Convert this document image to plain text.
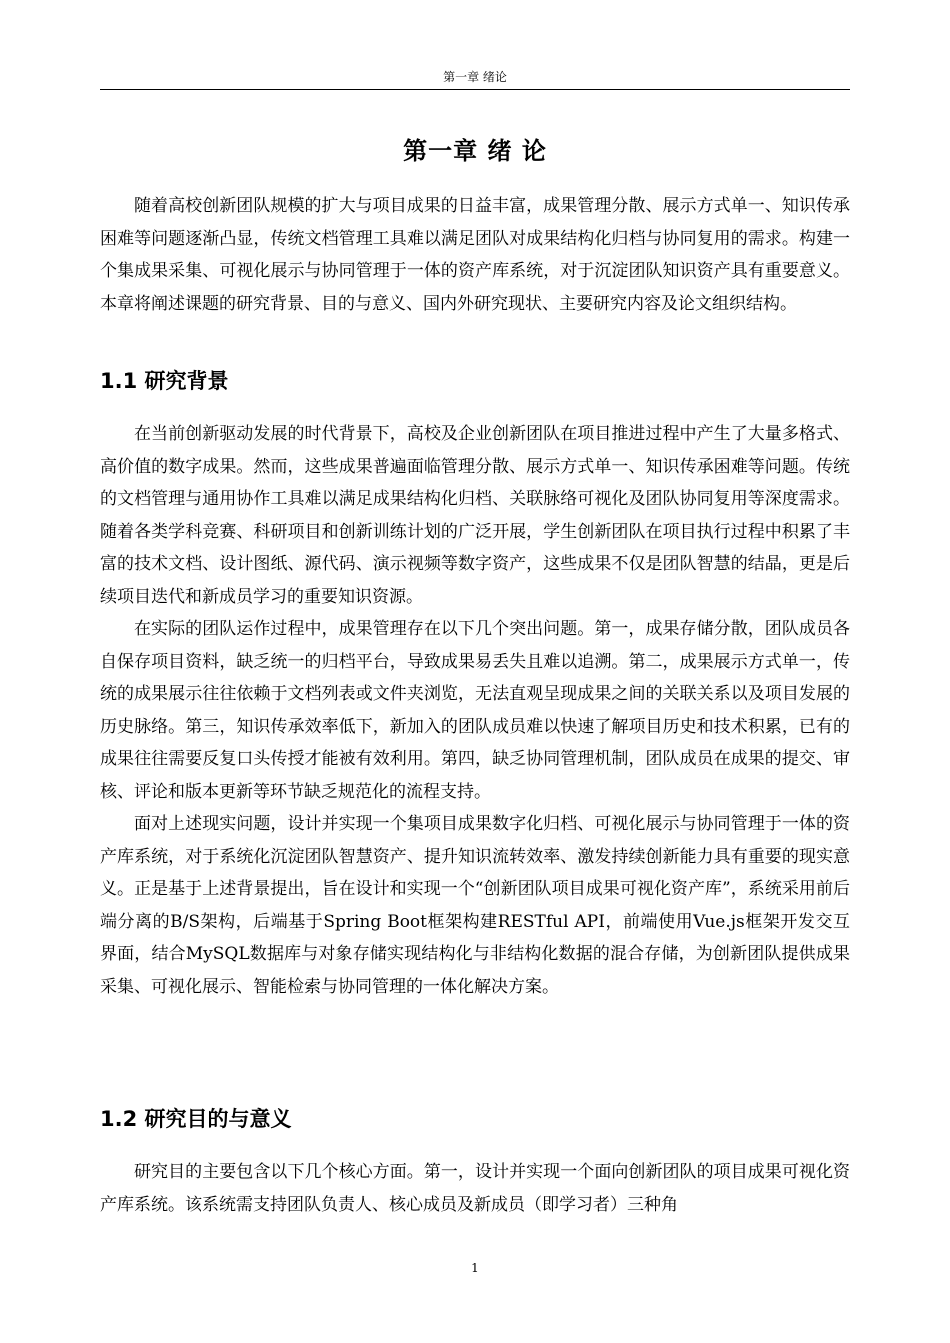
第一章 绪论
第一章 绪 论

随着高校创新团队规模的扩大与项目成果的日益丰富，成果管理分散、展示方式单一、知识传承困难等问题逐渐凸显，传统文档管理工具难以满足团队对成果结构化归档与协同复用的需求。构建一个集成果采集、可视化展示与协同管理于一体的资产库系统，对于沉淀团队知识资产具有重要意义。本章将阐述课题的研究背景、目的与意义、国内外研究现状、主要研究内容及论文组织结构。

1.1 研究背景

在当前创新驱动发展的时代背景下，高校及企业创新团队在项目推进过程中产生了大量多格式、高价值的数字成果。然而，这些成果普遍面临管理分散、展示方式单一、知识传承困难等问题。传统的文档管理与通用协作工具难以满足成果结构化归档、关联脉络可视化及团队协同复用等深度需求。随着各类学科竞赛、科研项目和创新训练计划的广泛开展，学生创新团队在项目执行过程中积累了丰富的技术文档、设计图纸、源代码、演示视频等数字资产，这些成果不仅是团队智慧的结晶，更是后续项目迭代和新成员学习的重要知识资源。

在实际的团队运作过程中，成果管理存在以下几个突出问题。第一，成果存储分散，团队成员各自保存项目资料，缺乏统一的归档平台，导致成果易丢失且难以追溯。第二，成果展示方式单一，传统的成果展示往往依赖于文档列表或文件夹浏览，无法直观呈现成果之间的关联关系以及项目发展的历史脉络。第三，知识传承效率低下，新加入的团队成员难以快速了解项目历史和技术积累，已有的成果往往需要反复口头传授才能被有效利用。第四，缺乏协同管理机制，团队成员在成果的提交、审核、评论和版本更新等环节缺乏规范化的流程支持。

面对上述现实问题，设计并实现一个集项目成果数字化归档、可视化展示与协同管理于一体的资产库系统，对于系统化沉淀团队智慧资产、提升知识流转效率、激发持续创新能力具有重要的现实意义。正是基于上述背景提出，旨在设计和实现一个“创新团队项目成果可视化资产库”，系统采用前后端分离的B/S架构，后端基于Spring Boot框架构建RESTful API，前端使用Vue.js框架开发交互界面，结合MySQL数据库与对象存储实现结构化与非结构化数据的混合存储，为创新团队提供成果采集、可视化展示、智能检索与协同管理的一体化解决方案。

1.2 研究目的与意义

研究目的主要包含以下几个核心方面。第一，设计并实现一个面向创新团队的项目成果可视化资产库系统。该系统需支持团队负责人、核心成员及新成员（即学习者）三种角

1
